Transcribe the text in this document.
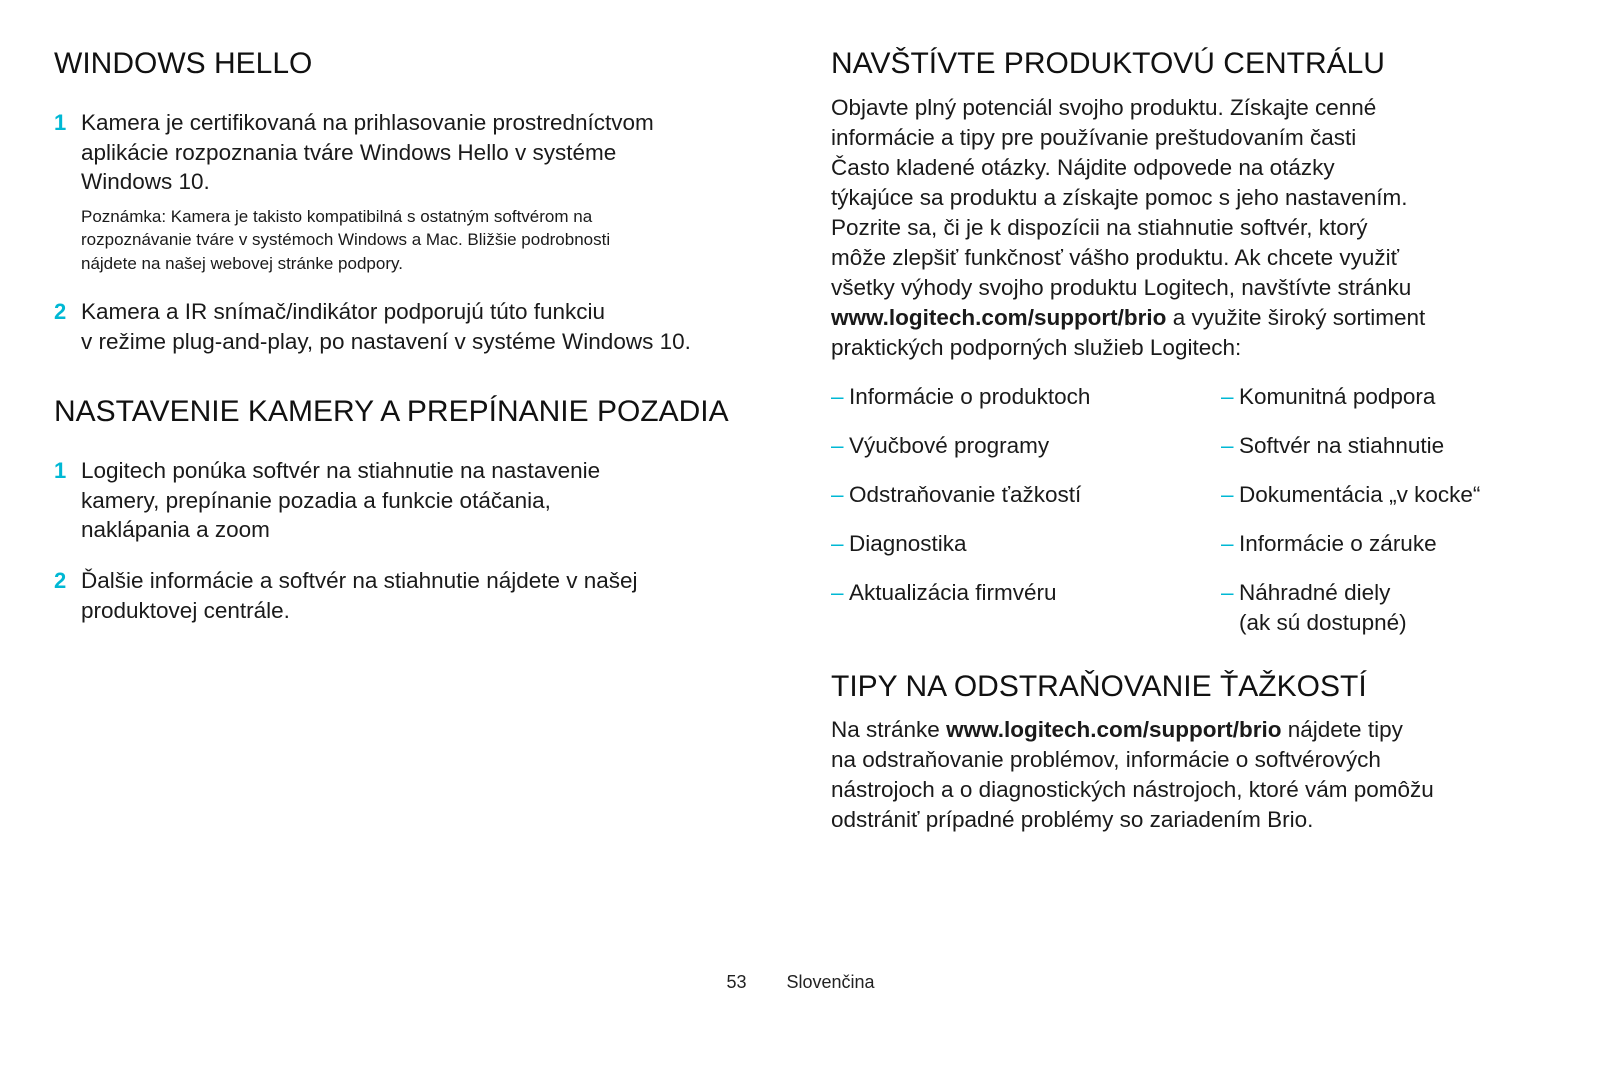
WINDOWS HELLO
1 Kamera je certifikovaná na prihlasovanie prostredníctvom
aplikácie rozpoznania tváre Windows Hello v systéme
Windows 10.
Poznámka: Kamera je takisto kompatibilná s ostatným softvérom na
rozpoznávanie tváre v systémoch Windows a Mac. Bližšie podrobnosti
nájdete na našej webovej stránke podpory.
2 Kamera a IR snímač/indikátor podporujú túto funkciu
v režime plug-and-play, po nastavení v systéme Windows 10.
NASTAVENIE KAMERY A PREPÍNANIE POZADIA
1 Logitech ponúka softvér na stiahnutie na nastavenie
kamery, prepínanie pozadia a funkcie otáčania,
naklápania a zoom
2 Ďalšie informácie a softvér na stiahnutie nájdete v našej
produktovej centrále.
NAVŠTÍVTE PRODUKTOVÚ CENTRÁLU
Objavte plný potenciál svojho produktu. Získajte cenné
informácie a tipy pre používanie preštudovaním časti
Často kladené otázky. Nájdite odpovede na otázky
týkajúce sa produktu a získajte pomoc s jeho nastavením.
Pozrite sa, či je k dispozícii na stiahnutie softvér, ktorý
môže zlepšiť funkčnosť vášho produktu. Ak chcete využiť
všetky výhody svojho produktu Logitech, navštívte stránku
www.logitech.com/support/brio a využite široký sortiment
praktických podporných služieb Logitech:
– Informácie o produktoch
– Výučbové programy
– Odstraňovanie ťažkostí
– Diagnostika
– Aktualizácia firmvéru
– Komunitná podpora
– Softvér na stiahnutie
– Dokumentácia „v kocke“
– Informácie o záruke
– Náhradné diely
(ak sú dostupné)
TIPY NA ODSTRAŇOVANIE ŤAŽKOSTÍ
Na stránke www.logitech.com/support/brio nájdete tipy
na odstraňovanie problémov, informácie o softvérových
nástrojoch a o diagnostických nástrojoch, ktoré vám pomôžu
odstrániť prípadné problémy so zariadením Brio.
53 Slovenčina
